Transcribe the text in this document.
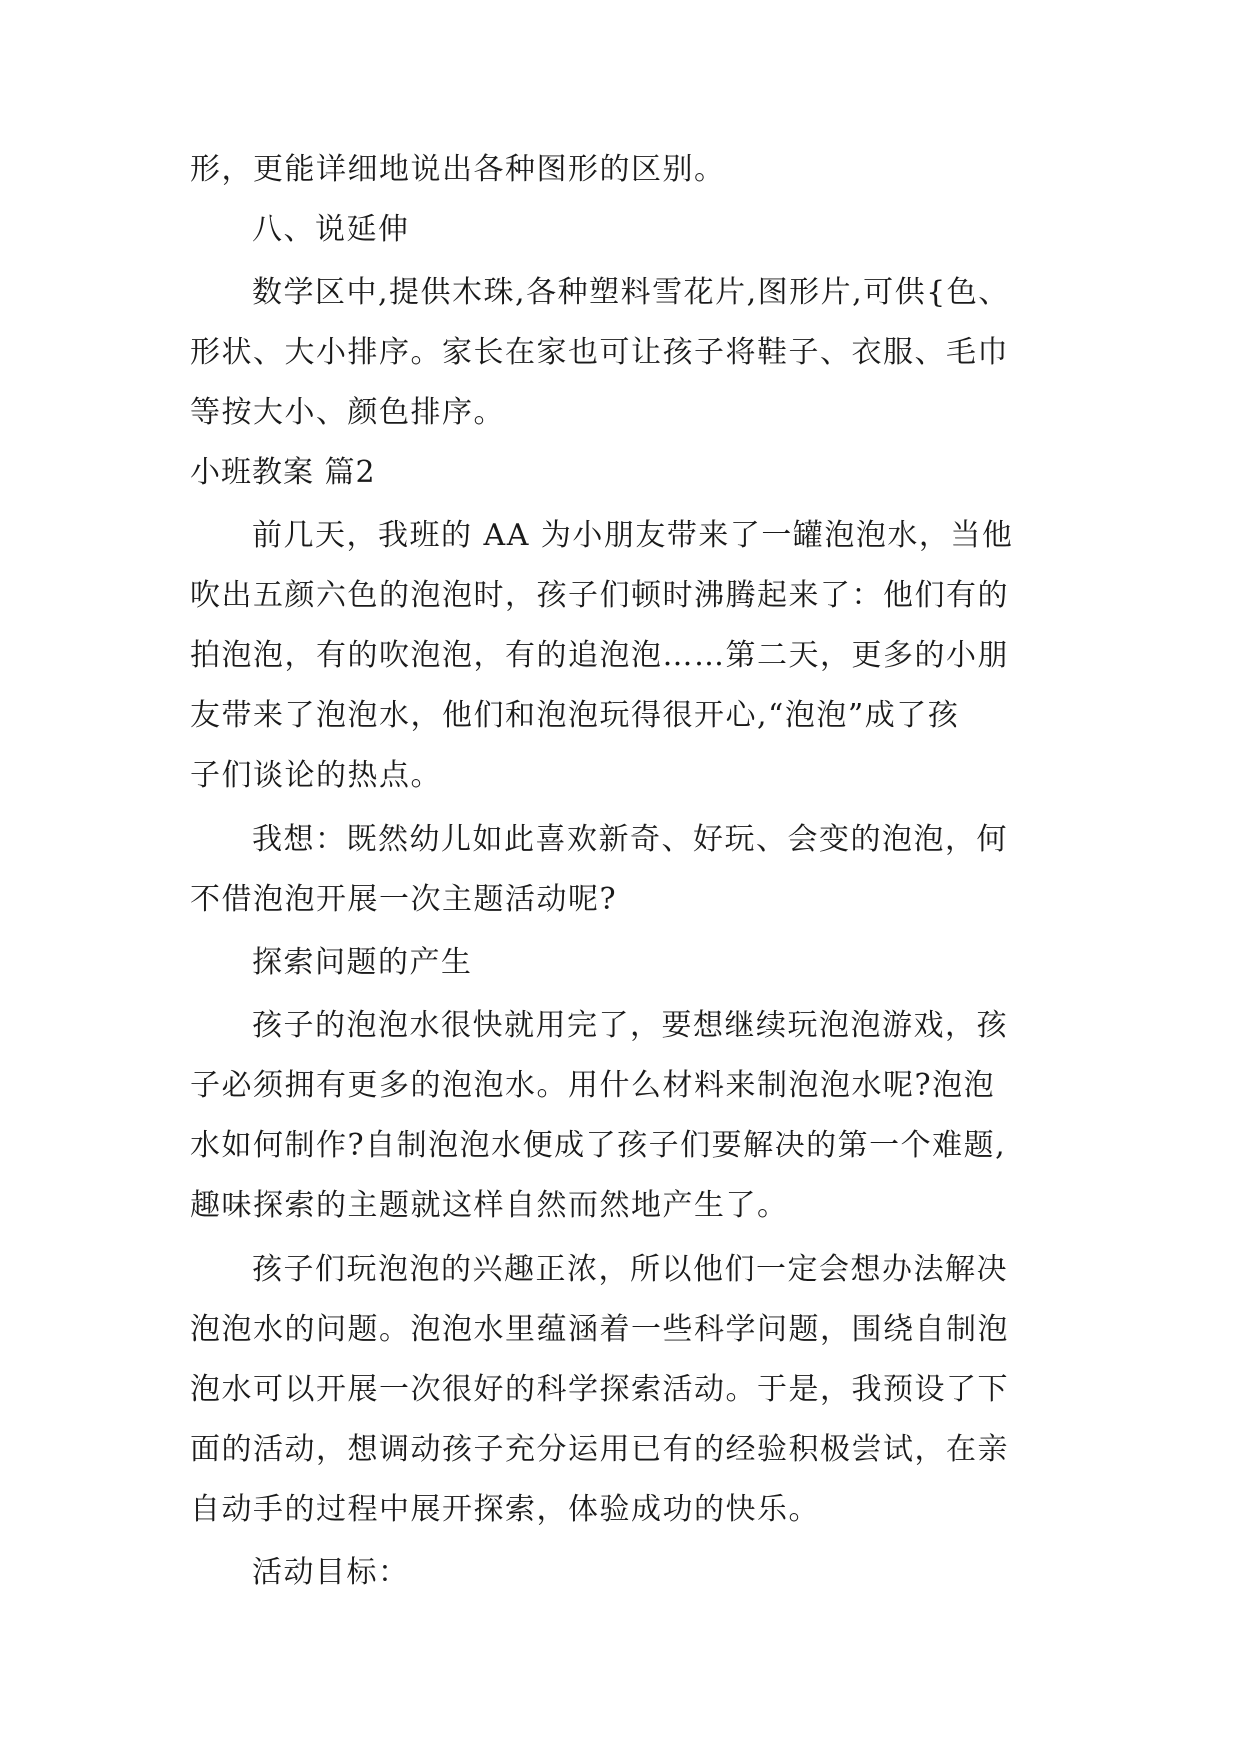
形，更能详细地说出各种图形的区别。
八、说延伸
数学区中,提供木珠,各种塑料雪花片,图形片,可供{色、
形状、大小排序。家长在家也可让孩子将鞋子、衣服、毛巾
等按大小、颜色排序。
小班教案 篇2
前几天，我班的 AA 为小朋友带来了一罐泡泡水，当他
吹出五颜六色的泡泡时，孩子们顿时沸腾起来了：他们有的
拍泡泡，有的吹泡泡，有的追泡泡……第二天，更多的小朋
友带来了泡泡水，他们和泡泡玩得很开心,“泡泡”成了孩
子们谈论的热点。
我想：既然幼儿如此喜欢新奇、好玩、会变的泡泡，何
不借泡泡开展一次主题活动呢?
探索问题的产生
孩子的泡泡水很快就用完了，要想继续玩泡泡游戏，孩
子必须拥有更多的泡泡水。用什么材料来制泡泡水呢?泡泡
水如何制作?自制泡泡水便成了孩子们要解决的第一个难题,
趣味探索的主题就这样自然而然地产生了。
孩子们玩泡泡的兴趣正浓，所以他们一定会想办法解决
泡泡水的问题。泡泡水里蕴涵着一些科学问题，围绕自制泡
泡水可以开展一次很好的科学探索活动。于是，我预设了下
面的活动，想调动孩子充分运用已有的经验积极尝试，在亲
自动手的过程中展开探索，体验成功的快乐。
活动目标：
